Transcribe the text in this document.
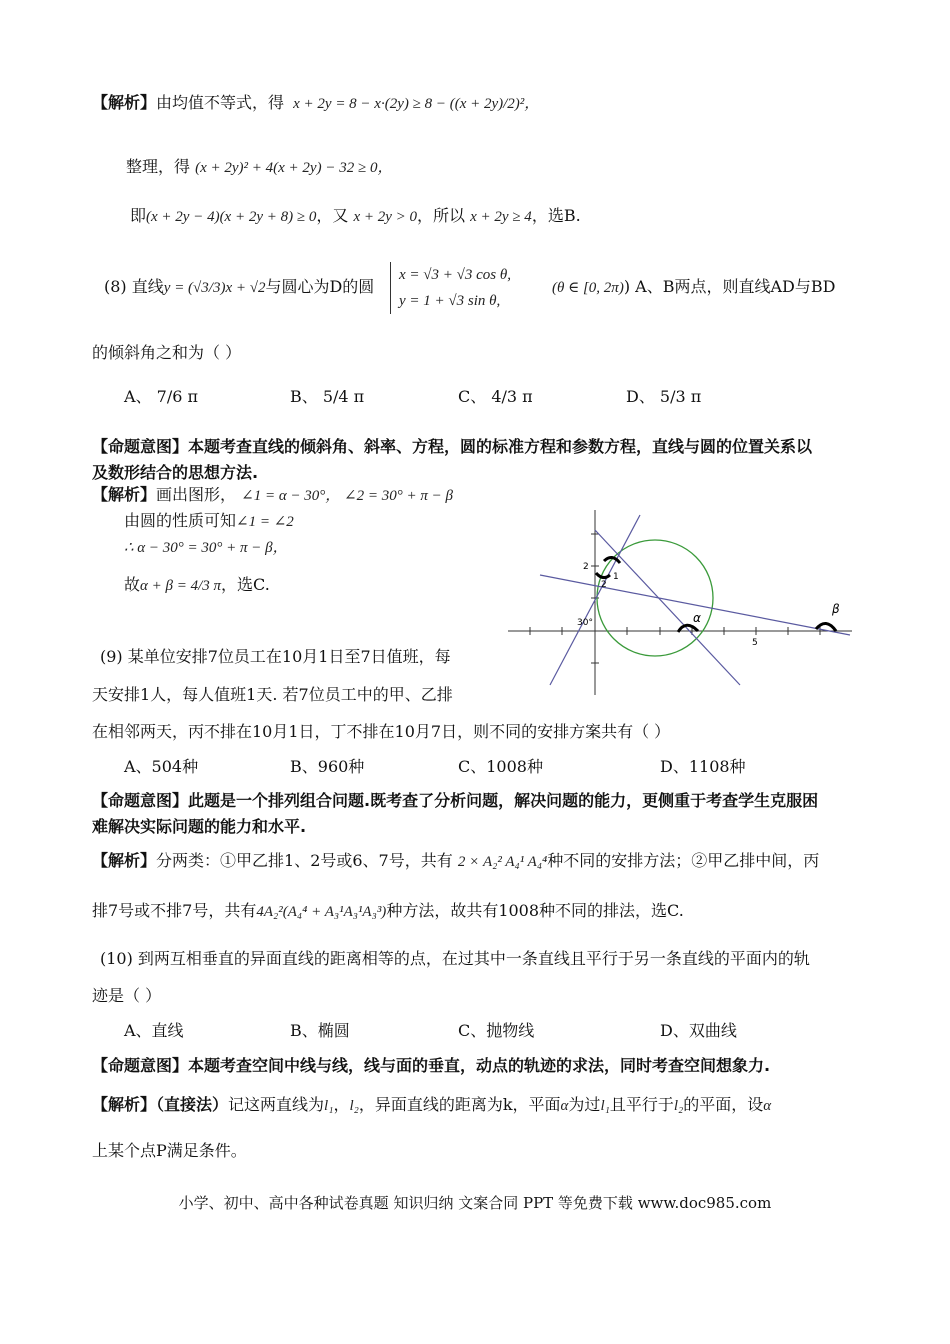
【解析】由均值不等式，得 x + 2y = 8 − x·(2y) ≥ 8 − ((x + 2y)/2)²，
整理，得 (x + 2y)² + 4(x + 2y) − 32 ≥ 0，
即(x + 2y − 4)(x + 2y + 8) ≥ 0，又 x + 2y > 0，所以 x + 2y ≥ 4，选B.
(8) 直线y = (√3/3)x + √2与圆心为D的圆
x = √3 + √3 cos θ,
y = 1 + √3 sin θ,
(θ ∈ [0, 2π)) A、B两点，则直线AD与BD
的倾斜角之和为（ ）
A、 7/6 π	B、 5/4 π	C、 4/3 π	D、 5/3 π
【命题意图】本题考查直线的倾斜角、斜率、方程，圆的标准方程和参数方程，直线与圆的位置关系以
及数形结合的思想方法.
【解析】画出图形， ∠1 = α − 30°， ∠2 = 30° + π − β
由圆的性质可知∠1 = ∠2
∴ α − 30° = 30° + π − β，
故α + β = 4/3 π，选C.
2
5
1
2
30°	α
β
(9) 某单位安排7位员工在10月1日至7日值班，每
天安排1人，每人值班1天. 若7位员工中的甲、乙排
在相邻两天，丙不排在10月1日，丁不排在10月7日，则不同的安排方案共有（ ）
A、504种	B、960种	C、1008种	D、1108种
【命题意图】此题是一个排列组合问题.既考查了分析问题，解决问题的能力，更侧重于考查学生克服困
难解决实际问题的能力和水平.
【解析】分两类：①甲乙排1、2号或6、7号，共有 2 × A₂² A₄¹ A₄⁴种不同的安排方法；②甲乙排中间，丙
排7号或不排7号，共有4A₂²(A₄⁴ + A₃¹A₃¹A₃³)种方法，故共有1008种不同的排法，选C.
(10) 到两互相垂直的异面直线的距离相等的点，在过其中一条直线且平行于另一条直线的平面内的轨
迹是（ ）
A、直线	B、椭圆	C、抛物线	D、双曲线
【命题意图】本题考查空间中线与线，线与面的垂直，动点的轨迹的求法，同时考查空间想象力.
【解析】（直接法）记这两直线为l₁，l₂，异面直线的距离为k，平面α为过l₁且平行于l₂的平面，设α
上某个点P满足条件。
小学、初中、高中各种试卷真题 知识归纳 文案合同 PPT 等免费下载 www.doc985.com
